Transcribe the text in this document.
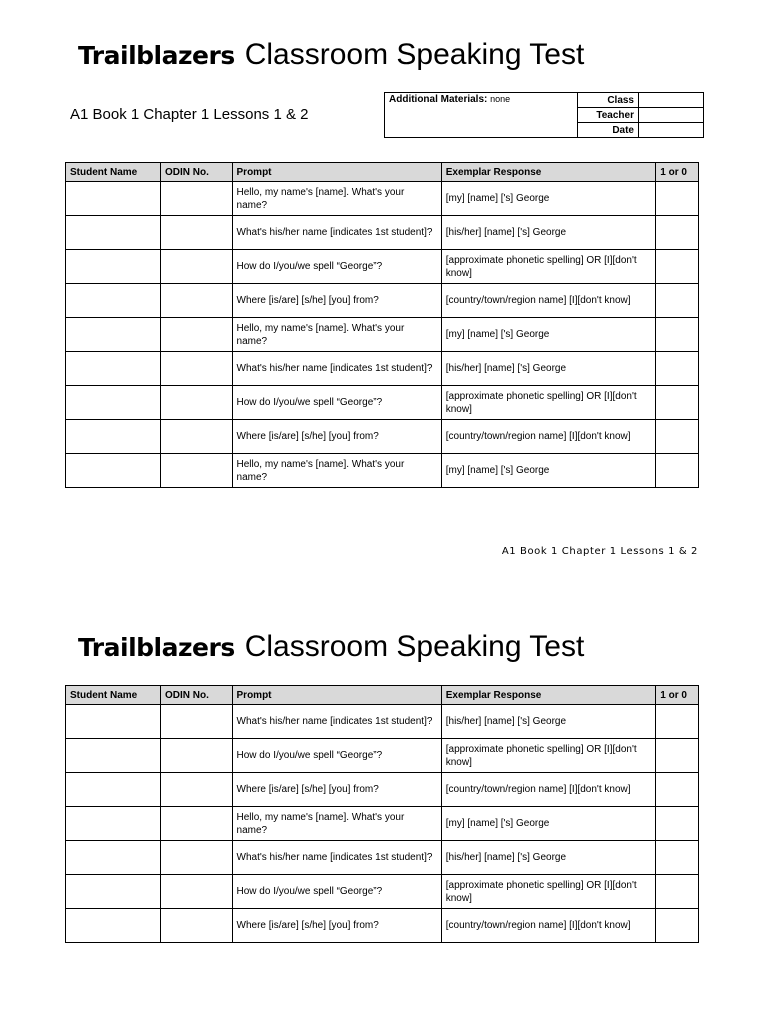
Trailblazers Classroom Speaking Test
A1 Book 1 Chapter 1 Lessons 1 & 2
Additional Materials: none	Class	
	Teacher	
	Date	
Student Name	ODIN No.	Prompt	Exemplar Response	1 or 0
		Hello, my name's [name]. What's your name?	[my] [name] ['s] George	
		What's his/her name [indicates 1st student]?	[his/her] [name] ['s] George	
		How do I/you/we spell “George”?	[approximate phonetic spelling] OR [I][don't know]	
		Where [is/are] [s/he] [you] from?	[country/town/region name] [I][don't know]	
		Hello, my name's [name]. What's your name?	[my] [name] ['s] George	
		What's his/her name [indicates 1st student]?	[his/her] [name] ['s] George	
		How do I/you/we spell “George”?	[approximate phonetic spelling] OR [I][don't know]	
		Where [is/are] [s/he] [you] from?	[country/town/region name] [I][don't know]	
		Hello, my name's [name]. What's your name?	[my] [name] ['s] George	
A1 Book 1 Chapter 1 Lessons 1 & 2
Trailblazers Classroom Speaking Test
Student Name	ODIN No.	Prompt	Exemplar Response	1 or 0
		What's his/her name [indicates 1st student]?	[his/her] [name] ['s] George	
		How do I/you/we spell “George”?	[approximate phonetic spelling] OR [I][don't know]	
		Where [is/are] [s/he] [you] from?	[country/town/region name] [I][don't know]	
		Hello, my name's [name]. What's your name?	[my] [name] ['s] George	
		What's his/her name [indicates 1st student]?	[his/her] [name] ['s] George	
		How do I/you/we spell “George”?	[approximate phonetic spelling] OR [I][don't know]	
		Where [is/are] [s/he] [you] from?	[country/town/region name] [I][don't know]	
